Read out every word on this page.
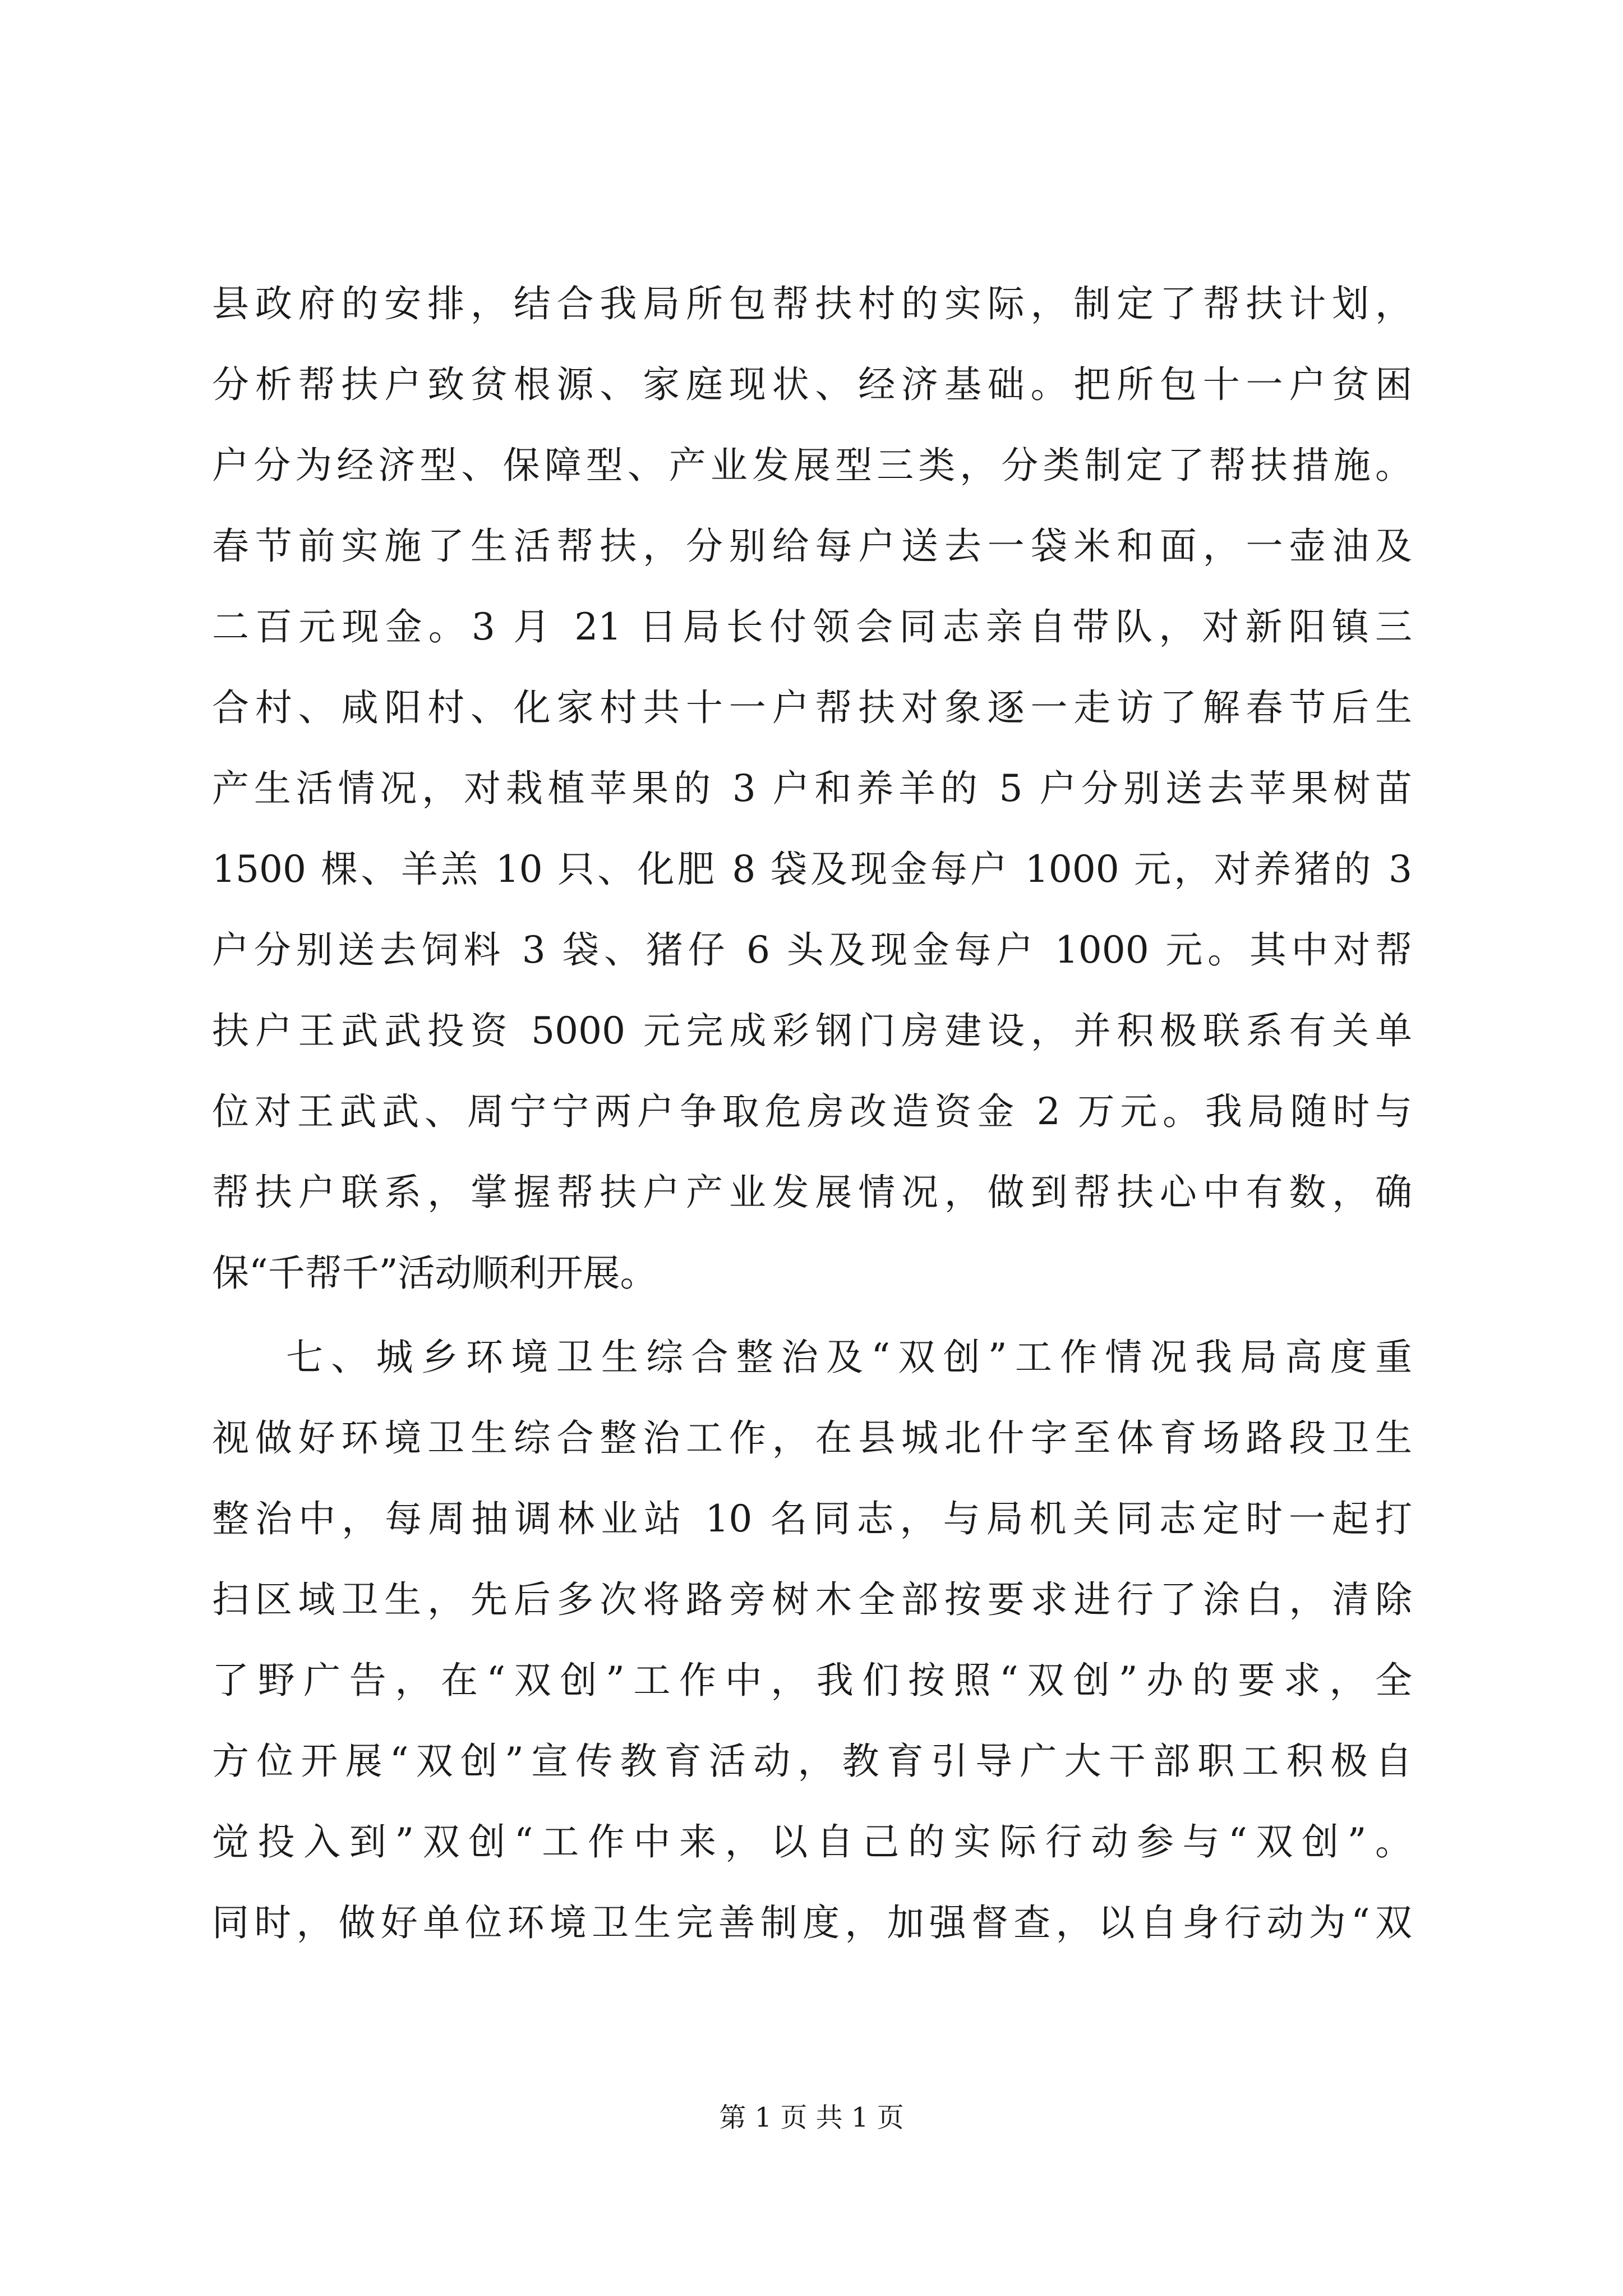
县政府的安排，结合我局所包帮扶村的实际，制定了帮扶计划，
分析帮扶户致贫根源、家庭现状、经济基础。把所包十一户贫困
户分为经济型、保障型、产业发展型三类，分类制定了帮扶措施。
春节前实施了生活帮扶，分别给每户送去一袋米和面，一壶油及
二百元现金。3 月 21 日局长付领会同志亲自带队，对新阳镇三
合村、咸阳村、化家村共十一户帮扶对象逐一走访了解春节后生
产生活情况，对栽植苹果的 3 户和养羊的 5 户分别送去苹果树苗
1500 棵、羊羔 10 只、化肥 8 袋及现金每户 1000 元，对养猪的 3
户分别送去饲料 3 袋、猪仔 6 头及现金每户 1000 元。其中对帮
扶户王武武投资 5000 元完成彩钢门房建设，并积极联系有关单
位对王武武、周宁宁两户争取危房改造资金 2 万元。我局随时与
帮扶户联系，掌握帮扶户产业发展情况，做到帮扶心中有数，确
保“千帮千”活动顺利开展。
七、城乡环境卫生综合整治及“双创”工作情况我局高度重
视做好环境卫生综合整治工作，在县城北什字至体育场路段卫生
整治中，每周抽调林业站 10 名同志，与局机关同志定时一起打
扫区域卫生，先后多次将路旁树木全部按要求进行了涂白，清除
了野广告，在“双创”工作中，我们按照“双创”办的要求，全
方位开展“双创”宣传教育活动，教育引导广大干部职工积极自
觉投入到”双创“工作中来，以自己的实际行动参与“双创”。
同时，做好单位环境卫生完善制度，加强督查，以自身行动为“双
第 1 页 共 1 页
